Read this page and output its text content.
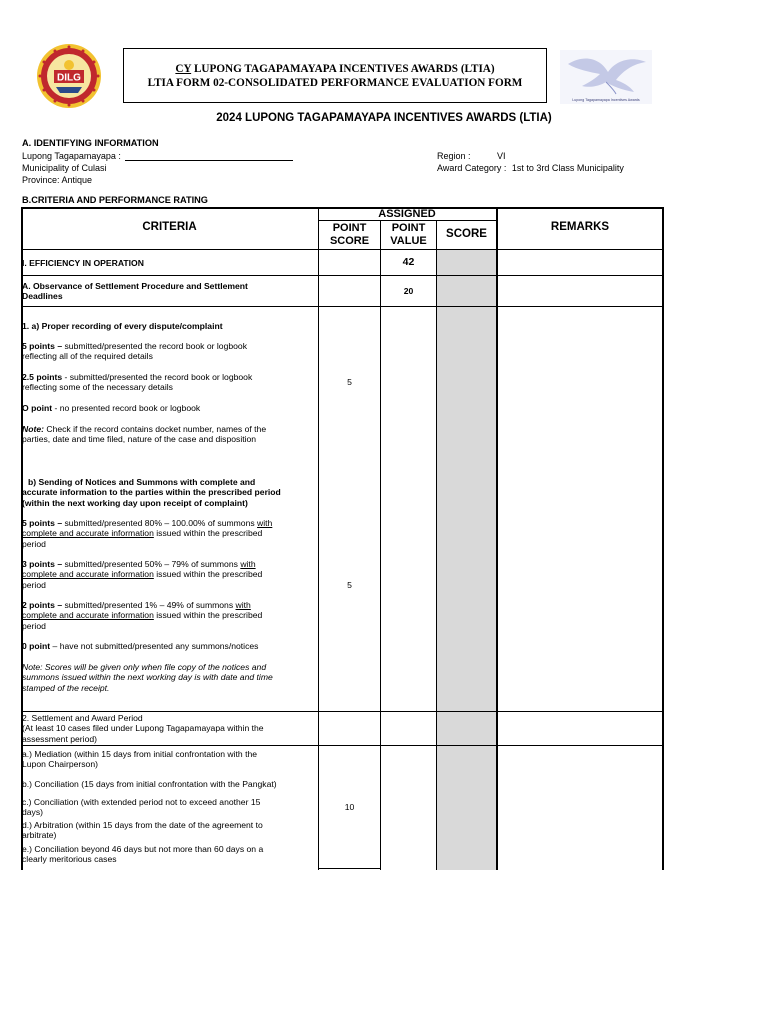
DILG
CY LUPONG TAGAPAMAYAPA INCENTIVES AWARDS (LTIA)
LTIA FORM 02-CONSOLIDATED PERFORMANCE EVALUATION FORM
Lupong Tagapamayapa Incentives Awards
2024 LUPONG TAGAPAMAYAPA INCENTIVES AWARDS (LTIA)
A. IDENTIFYING INFORMATION
Lupong Tagapamayapa :
Municipality of Culasi
Province: Antique
Region :	VI
Award Category : 1st to 3rd Class Municipality
B.CRITERIA AND PERFORMANCE RATING
CRITERIA
ASSIGNED
POINT
SCORE
POINT
VALUE
SCORE
REMARKS
I. EFFICIENCY IN OPERATION	42
A. Observance of Settlement Procedure and Settlement
Deadlines
20
1. a) Proper recording of every dispute/complaint
5 points – submitted/presented the record book or logbook
reflecting all of the required details
2.5 points - submitted/presented the record book or logbook
reflecting some of the necessary details
O point - no presented record book or logbook
Note: Check if the record contains docket number, names of the
parties, date and time filed, nature of the case and disposition
5
b) Sending of Notices and Summons with complete and
accurate information to the parties within the prescribed period
(within the next working day upon receipt of complaint)
5 points – submitted/presented 80% – 100.00% of summons with
complete and accurate information issued within the prescribed
period
3 points – submitted/presented 50% – 79% of summons with
complete and accurate information issued within the prescribed
period
2 points – submitted/presented 1% – 49% of summons with
complete and accurate information issued within the prescribed
period
0 point – have not submitted/presented any summons/notices
Note: Scores will be given only when file copy of the notices and
summons issued within the next working day is with date and time
stamped of the receipt.
5
2. Settlement and Award Period
(At least 10 cases filed under Lupong Tagapamayapa within the
assessment period)
a.) Mediation (within 15 days from initial confrontation with the
Lupon Chairperson)
b.) Conciliation (15 days from initial confrontation with the Pangkat)
c.) Conciliation (with extended period not to exceed another 15
days)
d.) Arbitration (within 15 days from the date of the agreement to
arbitrate)
e.) Conciliation beyond 46 days but not more than 60 days on a
clearly meritorious cases
10
